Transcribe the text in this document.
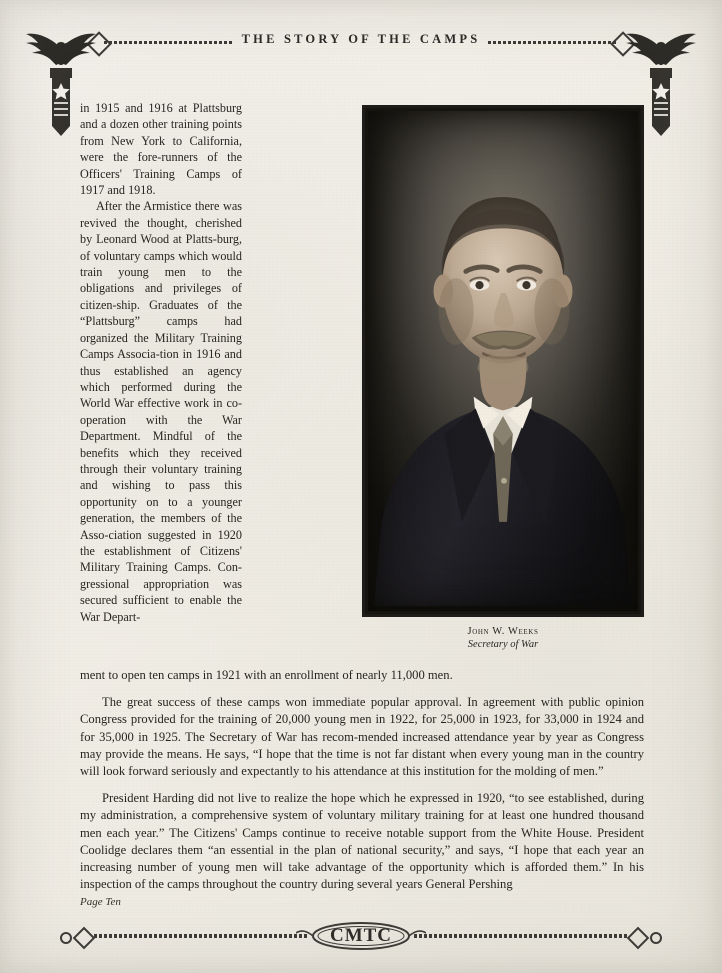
THE STORY OF THE CAMPS

in 1915 and 1916 at Plattsburg and a dozen other training points from New York to California, were the fore-runners of the Officers' Training Camps of 1917 and 1918.

After the Armistice there was revived the thought, cherished by Leonard Wood at Platts-burg, of voluntary camps which would train young men to the obligations and privileges of citizen-ship. Graduates of the “Plattsburg” camps had organized the Military Training Camps Associa-tion in 1916 and thus established an agency which performed during the World War effective work in co-operation with the War Department. Mindful of the benefits which they received through their voluntary training and wishing to pass this opportunity on to a younger generation, the members of the Asso-ciation suggested in 1920 the establishment of Citizens' Military Training Camps. Con-gressional appropriation was secured sufficient to enable the War Depart-

John W. Weeks
Secretary of War

ment to open ten camps in 1921 with an enrollment of nearly 11,000 men.

The great success of these camps won immediate popular approval. In agreement with public opinion Congress provided for the training of 20,000 young men in 1922, for 25,000 in 1923, for 33,000 in 1924 and for 35,000 in 1925. The Secretary of War has recom-mended increased attendance year by year as Congress may provide the means. He says, “I hope that the time is not far distant when every young man in the country will look forward seriously and expectantly to his attendance at this institution for the molding of men.”

President Harding did not live to realize the hope which he expressed in 1920, “to see established, during my administration, a comprehensive system of voluntary military training for at least one hundred thousand men each year.” The Citizens' Camps continue to receive notable support from the White House. President Coolidge declares them “an essential in the plan of national security,” and says, “I hope that each year an increasing number of young men will take advantage of the opportunity which is afforded them.” In his inspection of the camps throughout the country during several years General Pershing

Page Ten
CMTC
